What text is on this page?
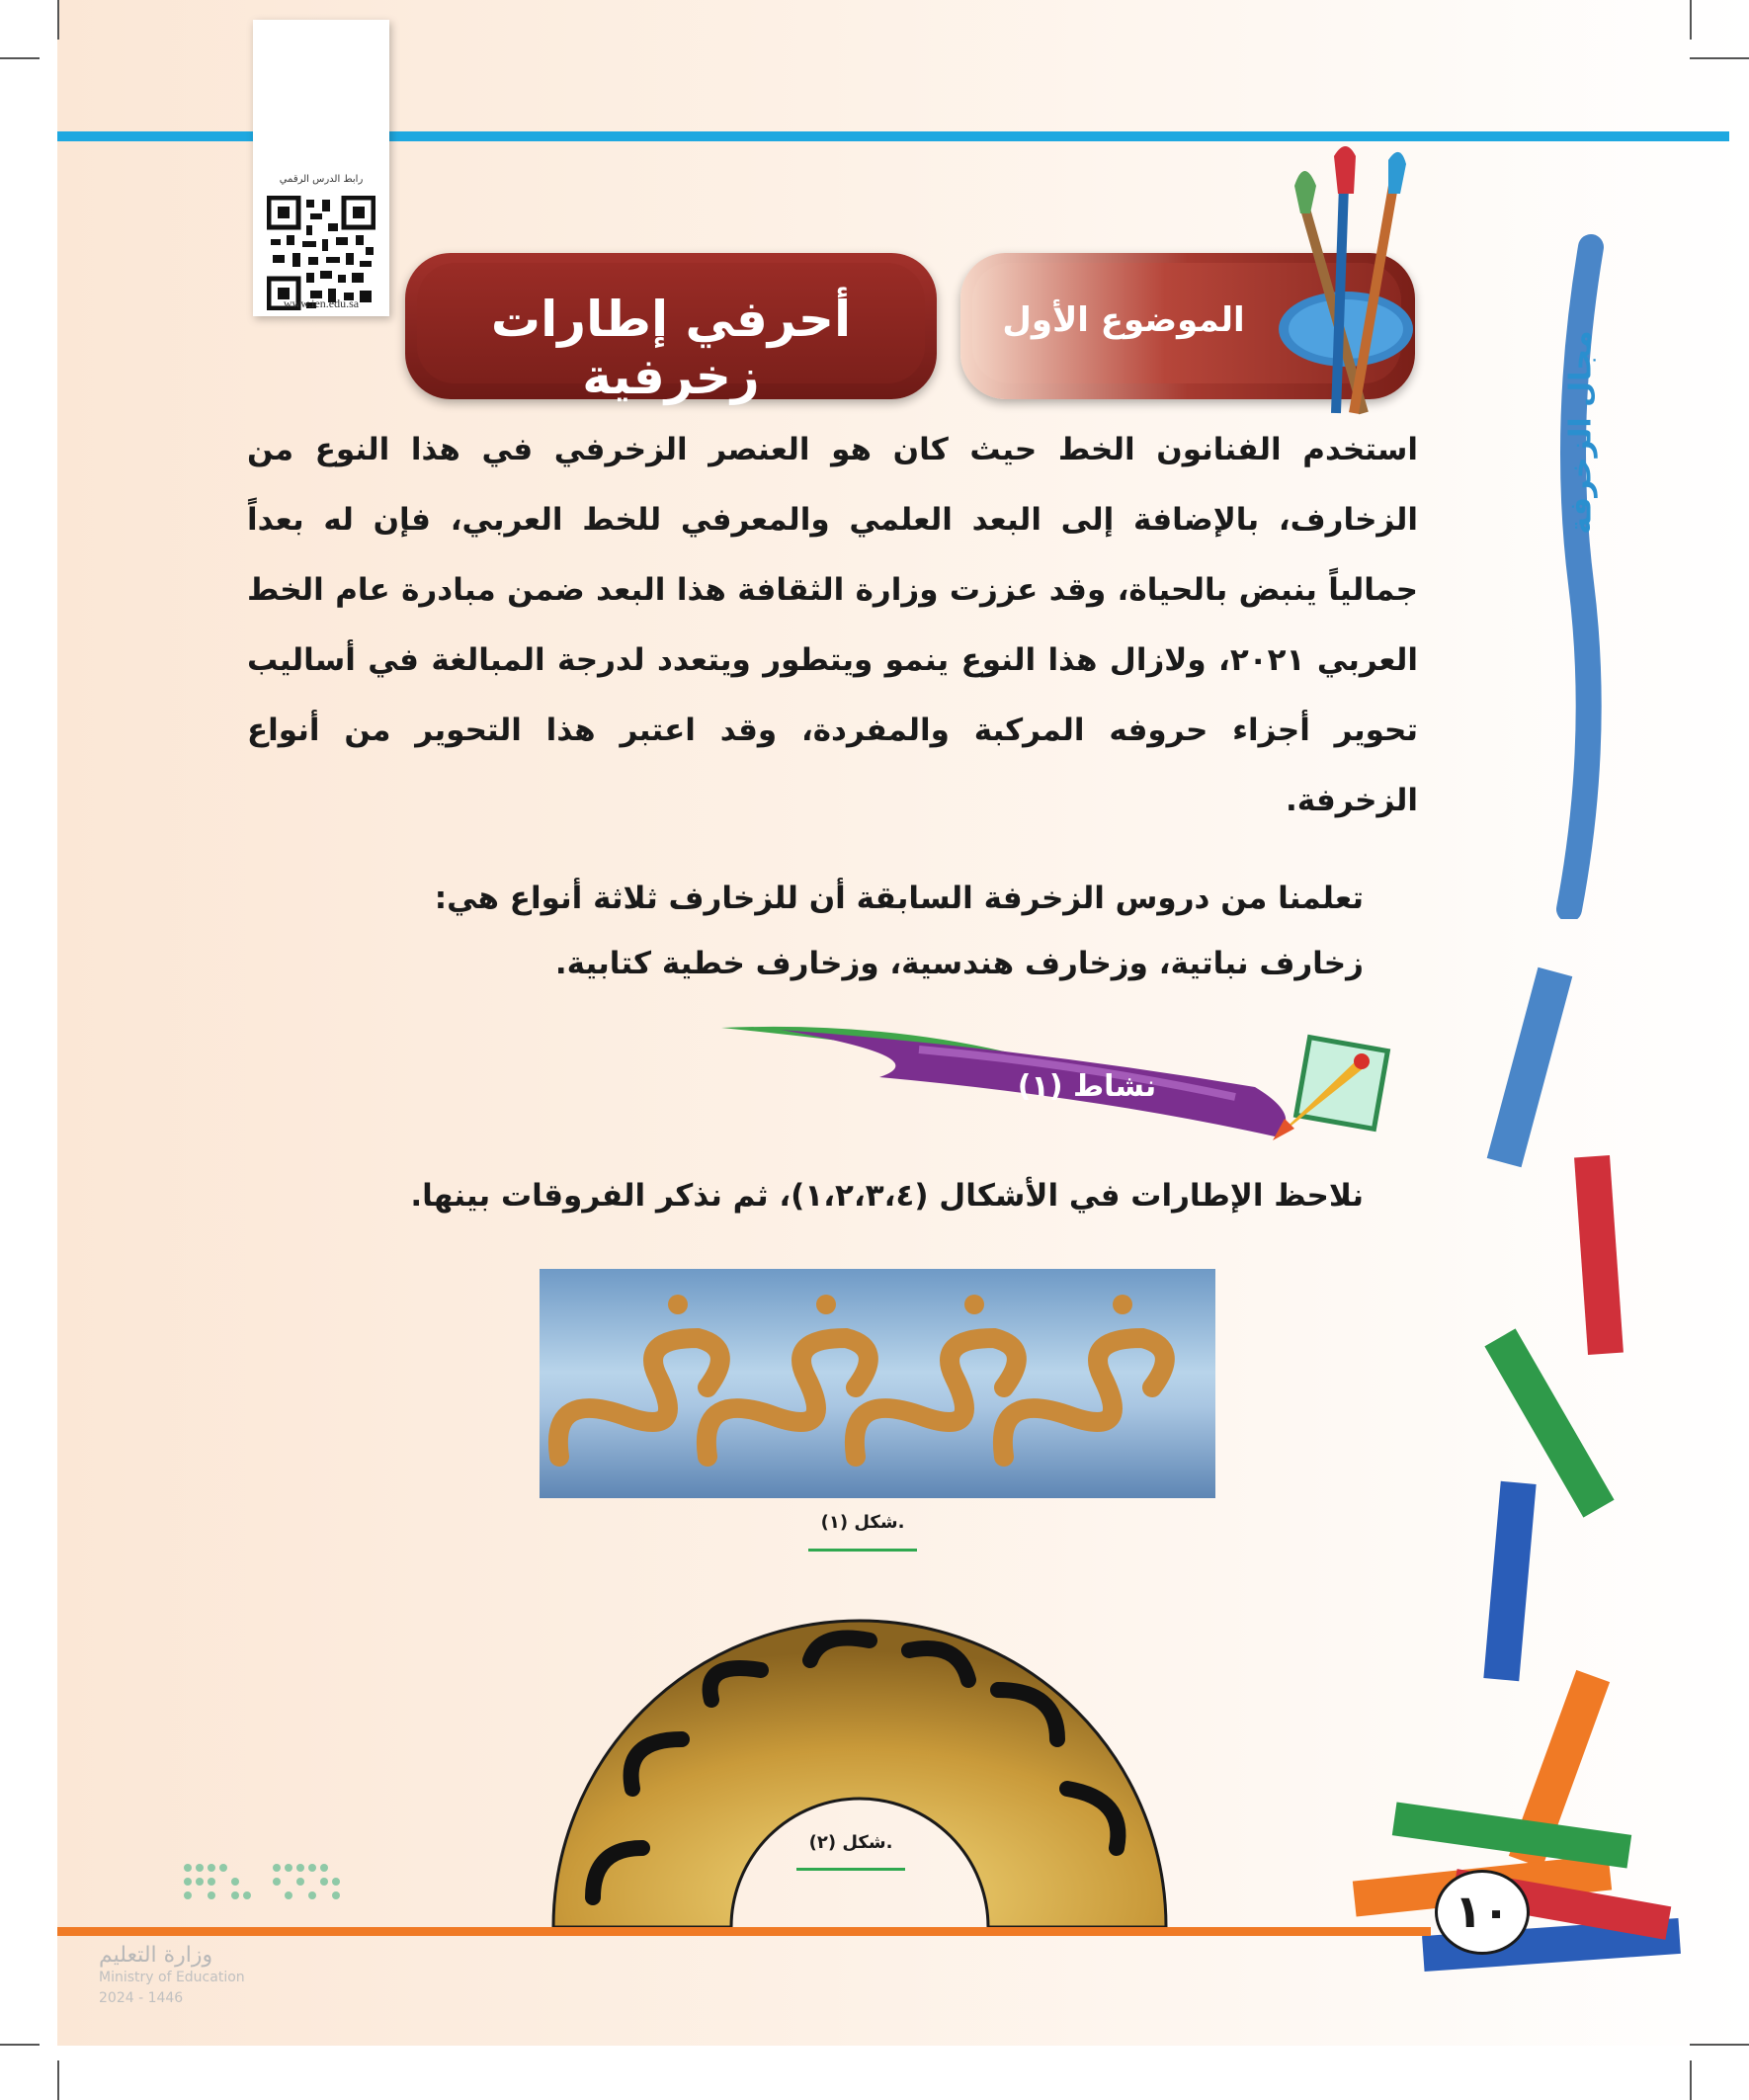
رابط الدرس الرقمي
www.ien.edu.sa	أحرفي إطارات زخرفية
الموضوع الأول
مجال الزخرفة
استخدم الفنانون الخط حيث كان هو العنصر الزخرفي في هذا النوع من الزخارف، بالإضافة إلى البعد العلمي والمعرفي للخط العربي، فإن له بعداً جمالياً ينبض بالحياة، وقد عززت وزارة الثقافة هذا البعد ضمن مبادرة عام الخط العربي ٢٠٢١، ولازال هذا النوع ينمو ويتطور ويتعدد لدرجة المبالغة في أساليب تحوير أجزاء حروفه المركبة والمفردة، وقد اعتبر هذا التحوير من أنواع الزخرفة.
تعلمنا من دروس الزخرفة السابقة أن للزخارف ثلاثة أنواع هي:
زخارف نباتية، وزخارف هندسية، وزخارف خطية كتابية.
نشاط (١)
نلاحظ الإطارات في الأشكال (١،٢،٣،٤)، ثم نذكر الفروقات بينها.
شكل (١).
شكل (٢).
١٠
وزارة التعليم
Ministry of Education
2024 - 1446
